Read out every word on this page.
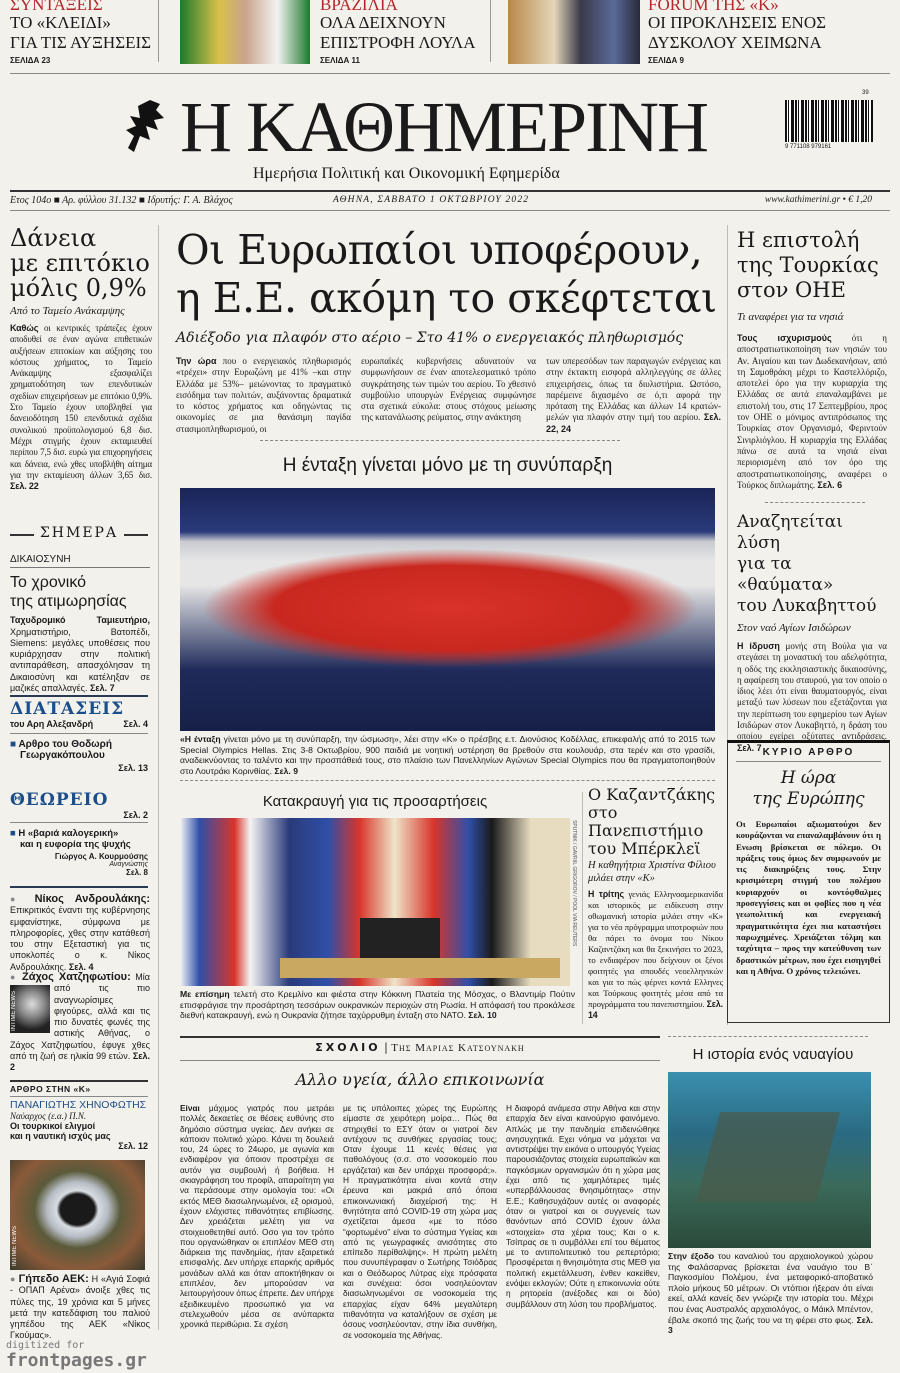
ΣΥΝΤΑΞΕΙΣ
ΤΟ «ΚΛΕΙΔΙ»
ΓΙΑ ΤΙΣ ΑΥΞΗΣΕΙΣ
ΣΕΛΙΔΑ 23
ΒΡΑΖΙΛΙΑ
ΟΛΑ ΔΕΙΧΝΟΥΝ
ΕΠΙΣΤΡΟΦΗ ΛΟΥΛΑ
ΣΕΛΙΔΑ 11
FORUM ΤΗΣ «Κ»
ΟΙ ΠΡΟΚΛΗΣΕΙΣ ΕΝΟΣ
ΔΥΣΚΟΛΟΥ ΧΕΙΜΩΝΑ
ΣΕΛΙΔΑ 9
Η ΚΑΘΗΜΕΡΙΝΗ	39
9 771108 979161
Ημερήσια Πολιτική και Οικονομική Εφημερίδα
Ετος 104ο ■ Αρ. φύλλου 31.132 ■ Ιδρυτής: Γ. Α. Βλάχος	ΑΘΗΝΑ, ΣΑΒΒΑΤΟ 1 ΟΚΤΩΒΡΙΟΥ 2022	www.kathimerini.gr • € 1,20
Δάνεια
με επιτόκιο
μόλις 0,9%
Από το Ταμείο Ανάκαμψης
Καθώς οι κεντρικές τράπεζες έχουν αποδυθεί σε έναν αγώνα επιθετικών αυξήσεων επιτοκίων και αύξησης του κόστους χρήματος, το Ταμείο Ανάκαμψης εξασφαλίζει χρηματοδότηση των επενδυτικών σχεδίων επιχειρήσεων με επιτόκιο 0,9%. Στο Ταμείο έχουν υποβληθεί για δανειοδότηση 150 επενδυτικά σχέδια συνολικού προϋπολογισμού 6,8 δισ. Μέχρι στιγμής έχουν εκταμιευθεί περίπου 7,5 δισ. ευρώ για επιχορηγήσεις και δάνεια, ενώ χθες υποβλήθη αίτημα για την εκταμίευση άλλων 3,65 δισ. Σελ. 22
ΣΗΜΕΡΑ
ΔΙΚΑΙΟΣΥΝΗ
Το χρονικό
της ατιμωρησίας
Ταχυδρομικό Ταμιευτήριο, Χρηματιστήριο, Βατοπέδι, Siemens: μεγάλες υποθέσεις που κυριάρχησαν στην πολιτική αντιπαράθεση, απασχόλησαν τη Δικαιοσύνη και κατέληξαν σε μαζικές απαλλαγές. Σελ. 7
ΔΙΑΤΑΣΕΙΣ
του Αρη Αλεξανδρή	Σελ. 4
■ Αρθρο του Θοδωρή
Γεωργακόπουλου
Σελ. 13
ΘΕΩΡΕΙΟ
Σελ. 2
■ Η «βαριά καλογερική»
και η ευφορία της ψυχής
Γιώργος Α. Κουρμούσης
Αναγνώστης
Σελ. 8
● Νίκος Ανδρουλάκης: Επικριτικός έναντι της κυβέρνησης εμφανίστηκε, σύμφωνα με πληροφορίες, χθες στην κατάθεσή του στην Εξεταστική για τις υποκλοπές ο κ. Νίκος Ανδρουλάκης. Σελ. 4
● Ζάχος Χατζηφωτίου:
INTIME NEWS
Μία από τις πιο αναγνωρίσιμες φιγούρες, αλλά και τις πιο δυνατές φωνές της αστικής Αθήνας, ο Ζάχος Χατζηφωτίου, έφυγε χθες από τη ζωή σε ηλικία 99 ετών. Σελ. 2
ΑΡΘΡΟ ΣΤΗΝ «Κ»
ΠΑΝΑΓΙΩΤΗΣ ΧΗΝΟΦΩΤΗΣ
Ναύαρχος (ε.α.) Π.Ν.
Οι τουρκικοί ελιγμοί
και η ναυτική ισχύς μας
Σελ. 12
INTIME NEWS
● Γήπεδο ΑΕΚ: Η «Αγιά Σοφιά - ΟΠΑΠ Αρένα» άνοιξε χθες τις πύλες της, 19 χρόνια και 5 μήνες μετά την κατεδάφιση του παλιού γηπέδου της ΑΕΚ «Νίκος Γκούμας».
digitized for
frontpages.gr
Οι Ευρωπαίοι υποφέρουν,
η Ε.Ε. ακόμη το σκέφτεται
Αδιέξοδο για πλαφόν στο αέριο – Στο 41% ο ενεργειακός πληθωρισμός
Την ώρα που ο ενεργειακός πληθωρισμός «τρέχει» στην Ευρωζώνη με 41% –και στην Ελλάδα με 53%– μειώνοντας το πραγματικό εισόδημα των πολιτών, αυξάνοντας δραματικά το κόστος χρήματος και οδηγώντας τις οικονομίες σε μια θανάσιμη παγίδα στασιμοπληθωρισμού, οι
ευρωπαϊκές κυβερνήσεις αδυνατούν να συμφωνήσουν σε έναν αποτελεσματικό τρόπο συγκράτησης των τιμών του αερίου. Το χθεσινό συμβούλιο υπουργών Ενέργειας συμφώνησε στα σχετικά εύκολα: στους στόχους μείωσης της κατανάλωσης ρεύματος, στην ανάκτηση
των υπερεσόδων των παραγωγών ενέργειας και στην έκτακτη εισφορά αλληλεγγύης σε άλλες επιχειρήσεις, όπως τα διυλιστήρια. Ωστόσο, παρέμεινε διχασμένο σε ό,τι αφορά την πρόταση της Ελλάδας και άλλων 14 κρατών-μελών για πλαφόν στην τιμή του αερίου. Σελ. 22, 24
Η ένταξη γίνεται μόνο με τη συνύπαρξη
«Η ένταξη γίνεται μόνο με τη συνύπαρξη, την ώσμωση», λέει στην «Κ» ο πρέσβης ε.τ. Διονύσιος Κοδέλλας, επικεφαλής από το 2015 των Special Olympics Hellas. Στις 3-8 Οκτωβρίου, 900 παιδιά με νοητική υστέρηση θα βρεθούν στα κουλουάρ, στα τερέν και στο γρασίδι, αναδεικνύοντας το ταλέντο και την προσπάθειά τους, στο πλαίσιο των Πανελληνίων Αγώνων Special Olympics που θα πραγματοποιηθούν στο Λουτράκι Κορινθίας. Σελ. 9
Κατακραυγή για τις προσαρτήσεις
SPUTNIK / GAVRIIL GRIGOROV / POOL VIA REUTERS
Με επίσημη τελετή στο Κρεμλίνο και φιέστα στην Κόκκινη Πλατεία της Μόσχας, ο Βλαντιμίρ Πούτιν επισφράγισε την προσάρτηση τεσσάρων ουκρανικών περιοχών στη Ρωσία. Η απόφασή του προκάλεσε διεθνή κατακραυγή, ενώ η Ουκρανία ζήτησε ταχύρρυθμη ένταξη στο ΝΑΤΟ. Σελ. 10
Ο Καζαντζάκης
στο Πανεπιστήμιο
του Μπέρκλεϊ
Η καθηγήτρια Χριστίνα Φίλιου μιλάει στην «Κ»
Η τρίτης γενιάς Ελληνοαμερικανίδα και ιστορικός με ειδίκευση στην οθωμανική ιστορία μιλάει στην «Κ» για το νέο πρόγραμμα υποτροφιών που θα πάρει το όνομα του Νίκου Καζαντζάκη και θα ξεκινήσει το 2023, το ενδιαφέρον που δείχνουν οι ξένοι φοιτητές για σπουδές νεοελληνικών και για το πώς φέρνει κοντά Ελληνες και Τούρκους φοιτητές μέσα από τα προγράμματα του πανεπιστημίου. Σελ. 14
Η επιστολή
της Τουρκίας
στον ΟΗΕ
Τι αναφέρει για τα νησιά
Τους ισχυρισμούς ότι η αποστρατιωτικοποίηση των νησιών του Αν. Αιγαίου και των Δωδεκανήσων, από τη Σαμοθράκη μέχρι το Καστελλόριζο, αποτελεί όρο για την κυριαρχία της Ελλάδας σε αυτά επαναλαμβάνει με επιστολή του, στις 17 Σεπτεμβρίου, προς τον ΟΗΕ ο μόνιμος αντιπρόσωπος της Τουρκίας στον Οργανισμό, Φεριντούν Σινιρλιόγλου. Η κυριαρχία της Ελλάδας πάνω σε αυτά τα νησιά είναι περιορισμένη από τον όρο της αποστρατιωτικοποίησης, αναφέρει ο Τούρκος διπλωμάτης. Σελ. 6
Αναζητείται λύση
για τα «θαύματα»
του Λυκαβηττού
Στον ναό Αγίων Ισιδώρων
Η ίδρυση μονής στη Βούλα για να στεγάσει τη μοναστική του αδελφότητα, η οδός της εκκλησιαστικής δικαιοσύνης, η αφαίρεση του σταυρού, για τον οποίο ο ίδιος λέει ότι είναι θαυματουργός, είναι μεταξύ των λύσεων που εξετάζονται για την περίπτωση του εφημερίου των Αγίων Ισιδώρων στον Λυκαβηττό, η δράση του οποίου εγείρει οξύτατες αντιδράσεις. Σελ. 7 ΚΥΡΙΟ ΑΡΘΡΟ
Η ώρα
της Ευρώπης
Οι Ευρωπαίοι αξιωματούχοι δεν κουράζονται να επαναλαμβάνουν ότι η Ενωση βρίσκεται σε πόλεμο. Οι πράξεις τους όμως δεν συμφωνούν με τις διακηρύξεις τους. Στην κρισιμότερη στιγμή του πολέμου κυριαρχούν οι κοντόφθαλμες προσεγγίσεις και οι φοβίες που η νέα γεωπολιτική και ενεργειακή πραγματικότητα έχει πια καταστήσει παρωχημένες. Χρειάζεται τόλμη και ταχύτητα – προς την κατεύθυνση των δραστικών μέτρων, που έχει εισηγηθεί και η Αθήνα. Ο χρόνος τελειώνει.
ΣΧΟΛΙΟ | Της Μαριας Κατσουνακη
Αλλο υγεία, άλλο επικοινωνία
Είναι μάχιμος γιατρός που μετράει πολλές δεκαετίες σε θέσεις ευθύνης στο δημόσιο σύστημα υγείας. Δεν ανήκει σε κάποιον πολιτικό χώρο. Κάνει τη δουλειά του, 24 ώρες το 24ωρο, με αγωνία και ενδιαφέρον για όποιον προστρέχει σε αυτόν για συμβουλή ή βοήθεια. Η σκιαγράφηση του προφίλ, απαραίτητη για να περάσουμε στην ομολογία του: «Οι εκτός ΜΕΘ διασωληνωμένοι, εξ ορισμού, έχουν ελάχιστες πιθανότητες επιβίωσης. Δεν χρειάζεται μελέτη για να στοιχειοθετηθεί αυτό. Οσο για τον τρόπο που οργανώθηκαν οι επιπλέον ΜΕΘ στη διάρκεια της πανδημίας, ήταν εξαιρετικά επισφαλής. Δεν υπήρχε επαρκής αριθμός μονάδων αλλά και όταν αποκτήθηκαν οι επιπλέον, δεν μπορούσαν να λειτουργήσουν όπως έπρεπε. Δεν υπήρχε εξειδικευμένο προσωπικό για να στελεχωθούν μέσα σε ανύπαρκτα χρονικά περιθώρια. Σε σχέση
με τις υπόλοιπες χώρες της Ευρώπης είμαστε σε χειρότερη μοίρα… Πώς θα στηριχθεί το ΕΣΥ όταν οι γιατροί δεν αντέχουν τις συνθήκες εργασίας τους; Οταν έχουμε 11 κενές θέσεις για παθολόγους (σ.σ. στο νοσοκομείο που εργάζεται) και δεν υπάρχει προσφορά;». Η πραγματικότητα είναι κοντά στην έρευνα και μακριά από όποια επικοινωνιακή διαχείρισή της: Η θνητότητα από COVID-19 στη χώρα μας σχετίζεται άμεσα «με το πόσο “φορτωμένο” είναι το σύστημα Υγείας και από τις γεωγραφικές ανισότητες στο επίπεδο περίθαλψης». Η πρώτη μελέτη που συνυπέγραφαν ο Σωτήρης Τσιόδρας και ο Θεόδωρος Λύτρας είχε πρόσφατα και συνέχεια: όσοι νοσηλεύονταν διασωληνωμένοι σε νοσοκομεία της επαρχίας είχαν 64% μεγαλύτερη πιθανότητα να καταλήξουν σε σχέση με όσους νοσηλεύονταν, στην ίδια συνθήκη, σε νοσοκομεία της Αθήνας.
Η διαφορά ανάμεσα στην Αθήνα και στην επαρχία δεν είναι καινούργιο φαινόμενο. Απλώς με την πανδημία επιδεινώθηκε ανησυχητικά. Εχει νόημα να μάχεται να αντιστρέψει την εικόνα ο υπουργός Υγείας παρουσιάζοντας στοιχεία ευρωπαϊκών και παγκόσμιων οργανισμών ότι η χώρα μας έχει από τις χαμηλότερες τιμές «υπερβάλλουσας θνησιμότητας» στην Ε.Ε.; Καθησυχάζουν αυτές οι αναφορές όταν οι γιατροί και οι συγγενείς των θανόντων από COVID έχουν άλλα «στοιχεία» στα χέρια τους; Και ο κ. Τσίπρας σε τι συμβάλλει επί του θέματος με το αντιπολιτευτικό του ρεπερτόριο; Προσφέρεται η θνησιμότητα στις ΜΕΘ για πολιτική εκμετάλλευση, ένθεν κακείθεν, ενόψει εκλογών; Ούτε η επικοινωνία ούτε η ρητορεία (ανέξοδες και οι δύο) συμβάλλουν στη λύση του προβλήματος.
Η ιστορία ενός ναυαγίου
Στην έξοδο του καναλιού του αρχαιολογικού χώρου της Φαλάσαρνας βρίσκεται ένα ναυάγιο του Β΄ Παγκοσμίου Πολέμου, ένα μεταφορικό-αποβατικό πλοίο μήκους 50 μέτρων. Οι ντόπιοι ήξεραν ότι είναι εκεί, αλλά κανείς δεν γνώριζε την ιστορία του. Μέχρι που ένας Αυστραλός αρχαιολόγος, ο Μάικλ Μπέντον, έβαλε σκοπό της ζωής του να τη φέρει στο φως. Σελ. 3
